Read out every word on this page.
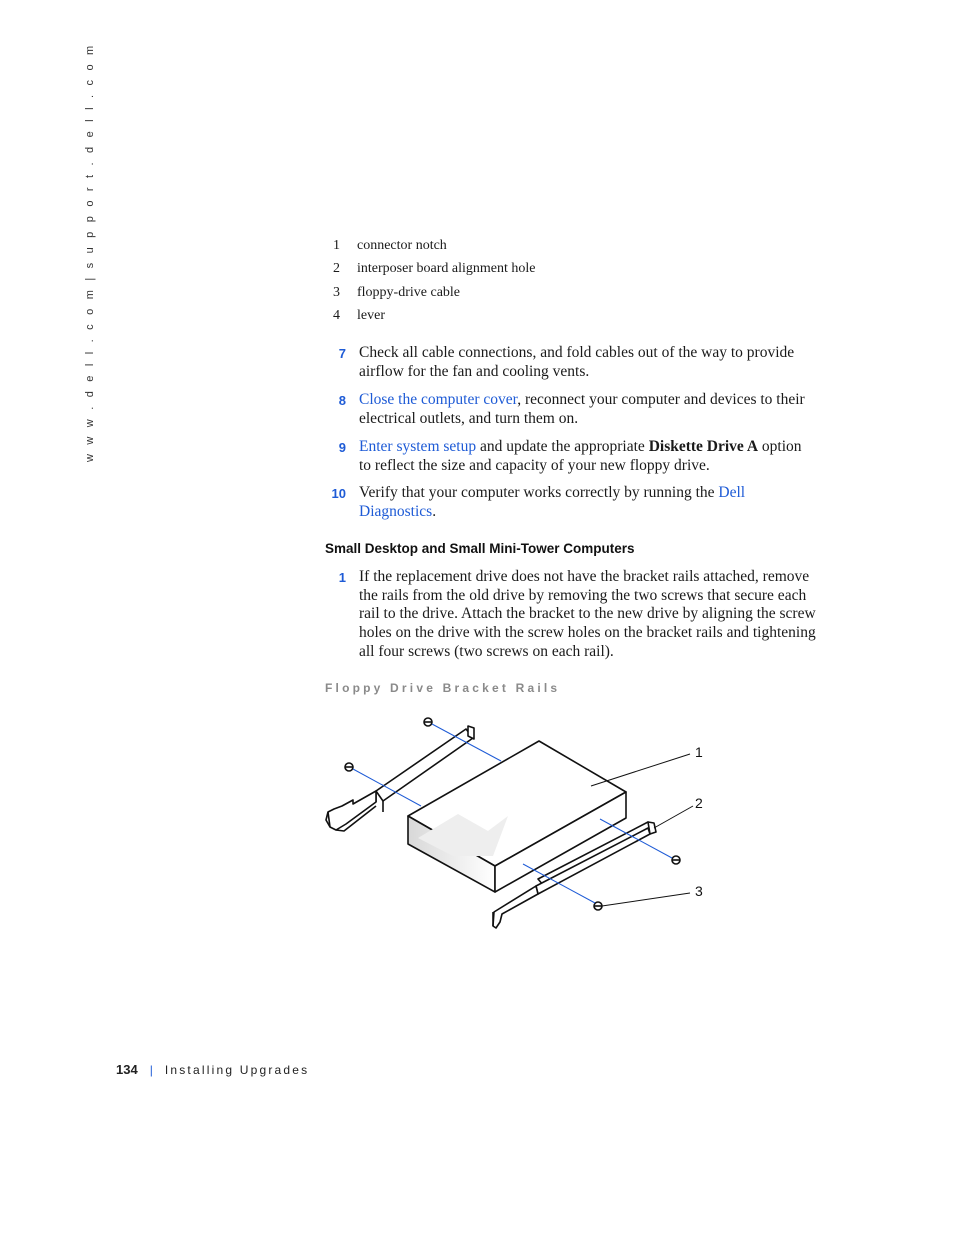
w w w . d e l l . c o m | s u p p o r t . d e l l . c o m	1	connector notch
2	interposer board alignment hole
3	floppy-drive cable
4	lever
7 Check all cable connections, and fold cables out of the way to provide airflow for the fan and cooling vents.
8 Close the computer cover, reconnect your computer and devices to their electrical outlets, and turn them on.
9 Enter system setup and update the appropriate Diskette Drive A option to reflect the size and capacity of your new floppy drive.
10 Verify that your computer works correctly by running the Dell Diagnostics.
Small Desktop and Small Mini-Tower Computers
1 If the replacement drive does not have the bracket rails attached, remove the rails from the old drive by removing the two screws that secure each rail to the drive. Attach the bracket to the new drive by aligning the screw holes on the drive with the screw holes on the bracket rails and tightening all four screws (two screws on each rail).
Floppy Drive Bracket Rails
1
2
3
134 | Installing Upgrades
